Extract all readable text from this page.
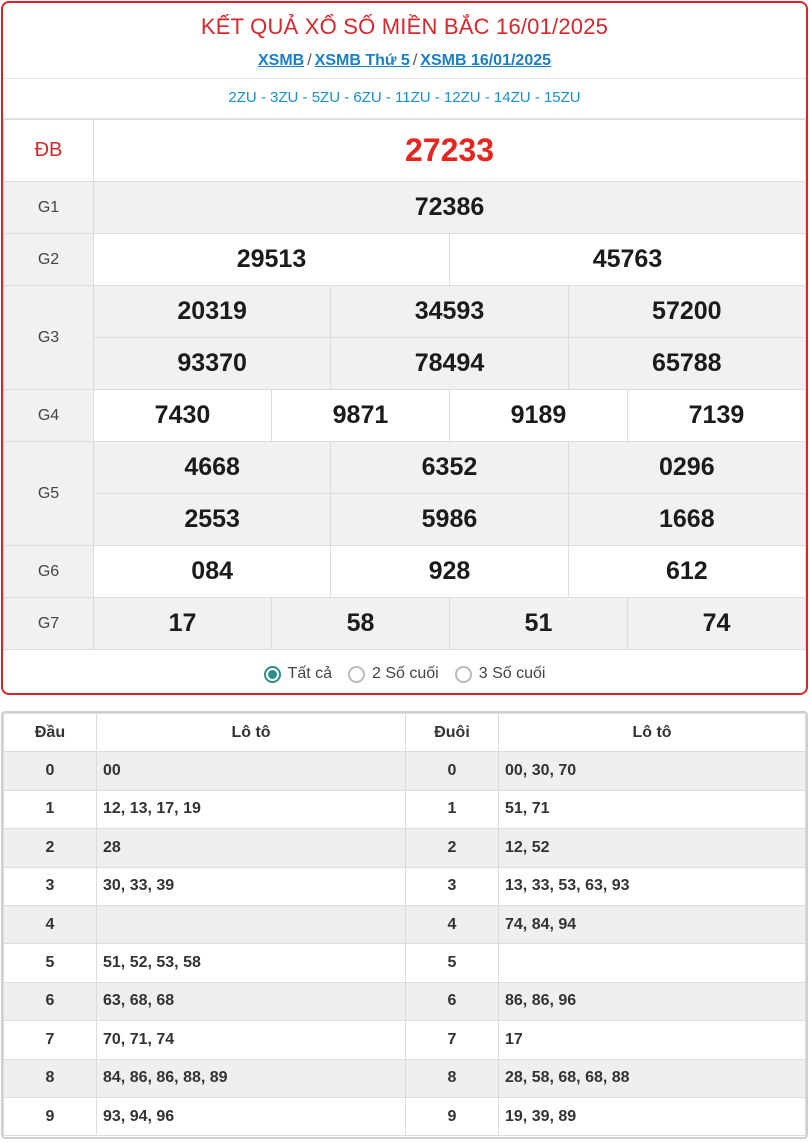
KẾT QUẢ XỔ SỐ MIỀN BẮC 16/01/2025
XSMB / XSMB Thứ 5 / XSMB 16/01/2025
2ZU - 3ZU - 5ZU - 6ZU - 11ZU - 12ZU - 14ZU - 15ZU
ĐB	27233					
G1	72386					
G2	29513			45763		
G3	20319		34593		57200	
	93370		78494		65788	
G4	7430	9871		9189		7139
G5	4668		6352		0296	
	2553		5986		1668	
G6	084		928		612	
G7	17	58		51		74
Tất cả	2 Số cuối	3 Số cuối
Đầu	Lô tô	Đuôi	Lô tô
0	00	0	00, 30, 70
1	12, 13, 17, 19	1	51, 71
2	28	2	12, 52
3	30, 33, 39	3	13, 33, 53, 63, 93
4		4	74, 84, 94
5	51, 52, 53, 58	5	
6	63, 68, 68	6	86, 86, 96
7	70, 71, 74	7	17
8	84, 86, 86, 88, 89	8	28, 58, 68, 68, 88
9	93, 94, 96	9	19, 39, 89
